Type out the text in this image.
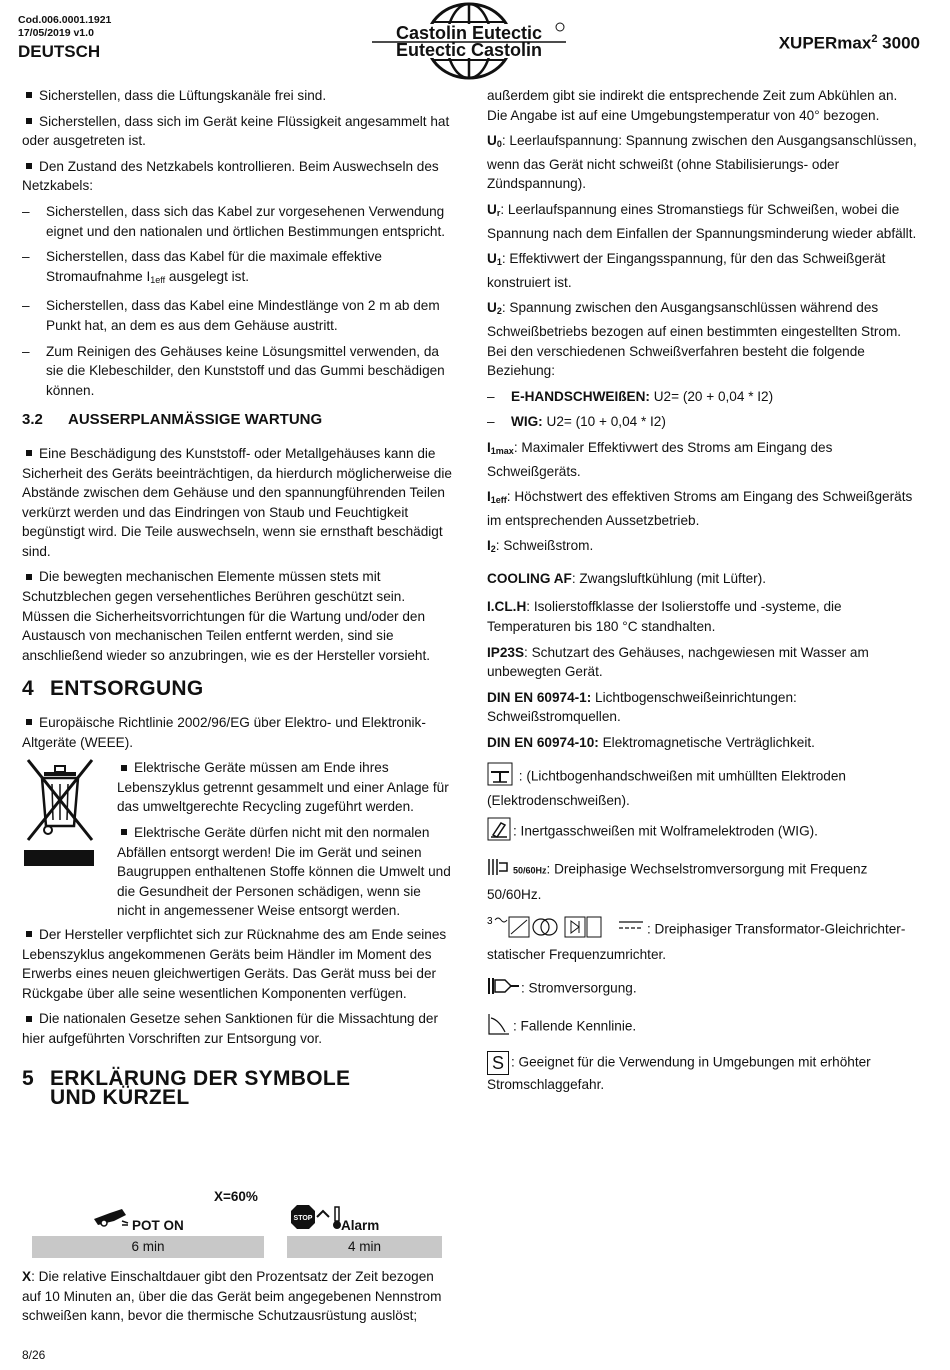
Cod.006.0001.1921
17/05/2019 v1.0
DEUTSCH
Castolin Eutectic
Eutectic Castolin	XUPERmax$^2$ 3000

Sicherstellen, dass die Lüftungskanäle frei sind.

Sicherstellen, dass sich im Gerät keine Flüssigkeit angesammelt hat oder ausgetreten ist.

Den Zustand des Netzkabels kontrollieren. Beim Auswechseln des Netzkabels:

– Sicherstellen, dass sich das Kabel zur vorgesehenen Verwendung eignet und den nationalen und örtlichen Bestimmungen entspricht.
– Sicherstellen, dass das Kabel für die maximale effektive Stromaufnahme $I_{1eff}$ ausgelegt ist.
– Sicherstellen, dass das Kabel eine Mindestlänge von 2 m ab dem Punkt hat, an dem es aus dem Gehäuse austritt.
– Zum Reinigen des Gehäuses keine Lösungsmittel verwenden, da sie die Klebeschilder, den Kunststoff und das Gummi beschädigen können.
3.2 AUSSERPLANMÄSSIGE WARTUNG

Eine Beschädigung des Kunststoff- oder Metallgehäuses kann die Sicherheit des Geräts beeinträchtigen, da hierdurch möglicherweise die Abstände zwischen dem Gehäuse und den spannungführenden Teilen verkürzt werden und das Eindringen von Staub und Feuchtigkeit begünstigt wird. Die Teile auswechseln, wenn sie ernsthaft beschädigt sind.

Die bewegten mechanischen Elemente müssen stets mit Schutzblechen gegen versehentliches Berühren geschützt sein. Müssen die Sicherheitsvorrichtungen für die Wartung und/oder den Austausch von mechanischen Teilen entfernt werden, sind sie anschließend wieder so anzubringen, wie es der Hersteller vorsieht.

4 ENTSORGUNG

Europäische Richtlinie 2002/96/EG über Elektro- und Elektronik-Altgeräte (WEEE).

Elektrische Geräte müssen am Ende ihres Lebenszyklus getrennt gesammelt und einer Anlage für das umweltgerechte Recycling zugeführt werden.

Elektrische Geräte dürfen nicht mit den normalen Abfällen entsorgt werden! Die im Gerät und seinen Baugruppen enthaltenen Stoffe können die Umwelt und die Gesundheit der Personen schädigen, wenn sie nicht in angemessener Weise entsorgt werden.

Der Hersteller verpflichtet sich zur Rücknahme des am Ende seines Lebenszyklus angekommenen Geräts beim Händler im Moment des Erwerbs eines neuen gleichwertigen Geräts. Das Gerät muss bei der Rückgabe über alle seine wesentlichen Komponenten verfügen.

Die nationalen Gesetze sehen Sanktionen für die Missachtung der hier aufgeführten Vorschriften zur Entsorgung vor.

5 ERKLÄRUNG DER SYMBOLE UND KÜRZEL
X=60%
POT ON	STOP Alarm
6 min	4 min
X: Die relative Einschaltdauer gibt den Prozentsatz der Zeit bezogen auf 10 Minuten an, über die das Gerät beim angegebenen Nennstrom schweißen kann, bevor die thermische Schutzausrüstung auslöst;

außerdem gibt sie indirekt die entsprechende Zeit zum Abkühlen an. Die Angabe ist auf eine Umgebungstemperatur von 40° bezogen.

$U_0$: Leerlaufspannung: Spannung zwischen den Ausgangsanschlüssen, wenn das Gerät nicht schweißt (ohne Stabilisierungs- oder Zündspannung).

$U_r$: Leerlaufspannung eines Stromanstiegs für Schweißen, wobei die Spannung nach dem Einfallen der Spannungsminderung wieder abfällt.

$U_1$: Effektivwert der Eingangsspannung, für den das Schweißgerät konstruiert ist.

$U_2$: Spannung zwischen den Ausgangsanschlüssen während des Schweißbetriebs bezogen auf einen bestimmten eingestellten Strom.

Bei den verschiedenen Schweißverfahren besteht die folgende Beziehung:

– E-HANDSCHWEIßEN: U2= (20 + 0,04 * I2)
– WIG: U2= (10 + 0,04 * I2)

$I_{1max}$: Maximaler Effektivwert des Stroms am Eingang des Schweißgeräts.

$I_{1eff}$: Höchstwert des effektiven Stroms am Eingang des Schweißgeräts im entsprechenden Aussetzbetrieb.

$I_2$: Schweißstrom.

COOLING AF: Zwangsluftkühlung (mit Lüfter).

I.CL.H: Isolierstoffklasse der Isolierstoffe und -systeme, die Temperaturen bis 180 °C standhalten.

IP23S: Schutzart des Gehäuses, nachgewiesen mit Wasser am unbewegten Gerät.

DIN EN 60974-1: Lichtbogenschweißeinrichtungen: Schweißstromquellen.

DIN EN 60974-10: Elektromagnetische Verträglichkeit.

: (Lichtbogenhandschweißen mit umhüllten Elektroden (Elektrodenschweißen).

: Inertgasschweißen mit Wolframelektroden (WIG).

50/60Hz: Dreiphasige Wechselstromversorgung mit Frequenz 50/60Hz.

3	: Dreiphasiger Transformator-Gleichrichter-statischer Frequenzumrichter.

: Stromversorgung.

: Fallende Kennlinie.

S : Geeignet für die Verwendung in Umgebungen mit erhöhter Stromschlaggefahr.

8/26
